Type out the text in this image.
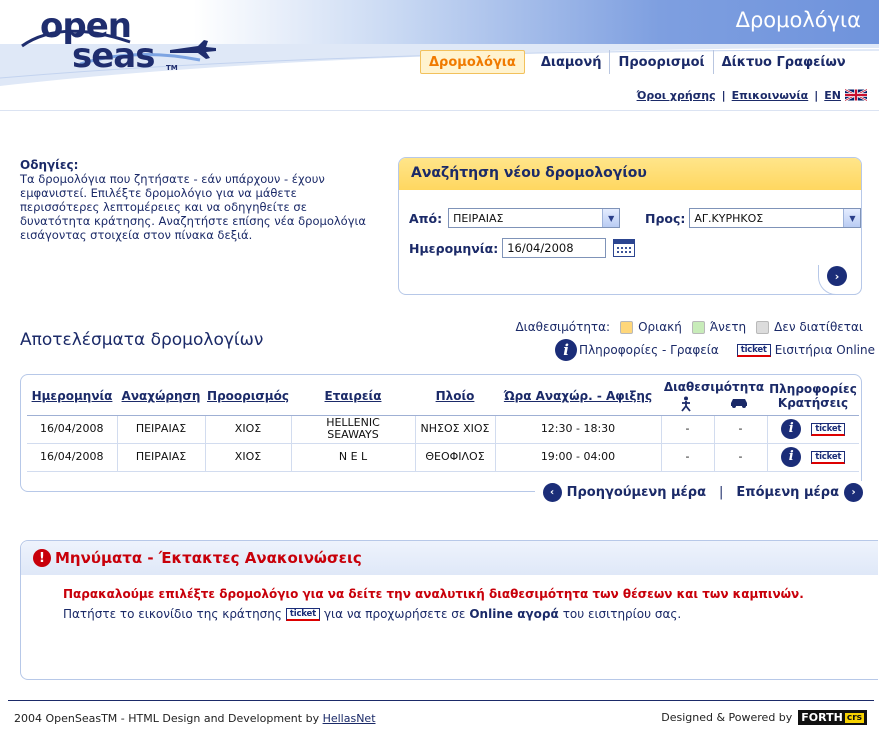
Δρομολόγια
open
seas TM	Δρομολόγια	Διαμονή	Προορισμοί	Δίκτυο Γραφείων
Όροι χρήσης | Επικοινωνία | EN
Οδηγίες:

Τα δρομολόγια που ζητήσατε - εάν υπάρχουν - έχουν εμφανιστεί. Επιλέξτε δρομολόγιο για να μάθετε περισσότερες λεπτομέρειες και να οδηγηθείτε σε δυνατότητα κράτησης. Αναζητήστε επίσης νέα δρομολόγια εισάγοντας στοιχεία στον πίνακα δεξιά.

Αναζήτηση νέου δρομολογίου
Από:	ΠΕΙΡΑΙΑΣ	▼	Προς: ΑΓ.ΚΥΡΗΚΟΣ	▼
Ημερομηνία:
16/04/2008
›
Αποτελέσματα δρομολογίων
Διαθεσιμότητα: Οριακή Άνετη Δεν διατίθεται
i Πληροφορίες - Γραφεία	ticket Εισιτήρια Online
Ημερομηνία	Αναχώρηση	Προορισμός	Εταιρεία	Πλοίο	Ώρα Αναχώρ. - Αφιξης	Διαθεσιμότητα		Πληροφορίες Κρατήσεις
16/04/2008	ΠΕΙΡΑΙΑΣ	ΧΙΟΣ	HELLENIC SEAWAYS	ΝΗΣΟΣ ΧΙΟΣ	12:30 - 18:30	-	-	i ticket

16/04/2008	ΠΕΙΡΑΙΑΣ	ΧΙΟΣ	N E L	ΘΕΟΦΙΛΟΣ	19:00 - 04:00	-	-	i ticket
‹ Προηγούμενη μέρα | Επόμενη μέρα	›
! Μηνύματα - Έκτακτες Ανακοινώσεις
Παρακαλούμε επιλέξτε δρομολόγιο για να δείτε την αναλυτική διαθεσιμότητα των θέσεων και των καμπινών.
Πατήστε το εικονίδιο της κράτησης ticket για να προχωρήσετε σε Online αγορά του εισιτηρίου σας.
2004 OpenSeasTM - HTML Design and Development by HellasNet	Designed & Powered by FORTH crs
